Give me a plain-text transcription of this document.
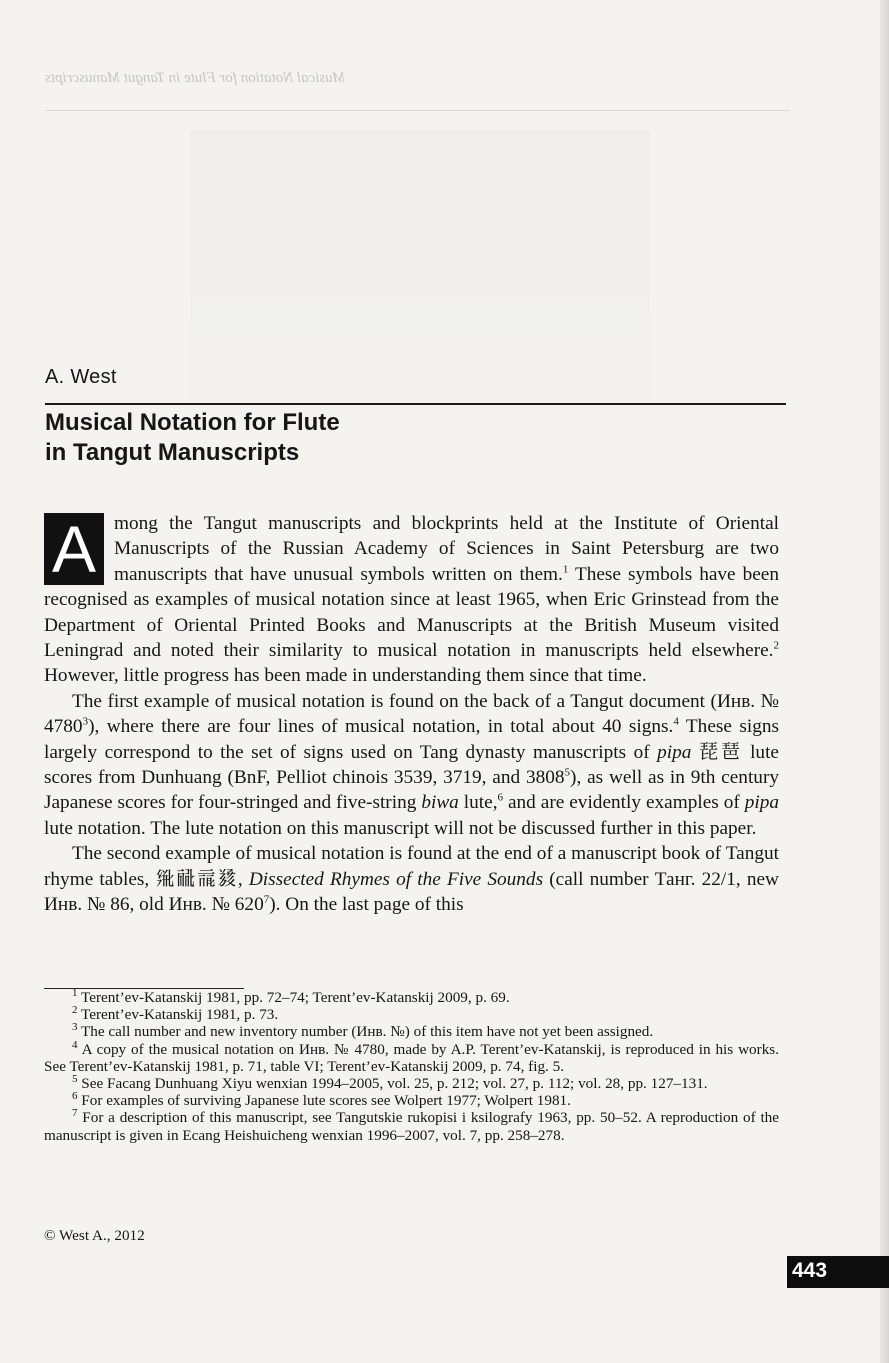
Musical Notation for Flute in Tangut Manuscripts
A. West
Musical Notation for Flute
in Tangut Manuscripts

A mong the Tangut manuscripts and blockprints held at the Institute of Oriental Manuscripts of the Russian Academy of Sciences in Saint Petersburg are two manuscripts that have unusual symbols written on them.$^1$ These symbols have been recognised as examples of musical notation since at least 1965, when Eric Grinstead from the Department of Oriental Printed Books and Manuscripts at the British Museum visited Leningrad and noted their similarity to musical notation in manuscripts held elsewhere.$^2$ However, little progress has been made in understanding them since that time.

The first example of musical notation is found on the back of a Tangut document (Инв. № 4780$^3$), where there are four lines of musical notation, in total about 40 signs.$^4$ These signs largely correspond to the set of signs used on Tang dynasty manuscripts of pipa 琵琶 lute scores from Dunhuang (BnF, Pelliot chinois 3539, 3719, and 3808$^5$), as well as in 9th century Japanese scores for four-stringed and five-string biwa lute,$^6$ and are evidently examples of pipa lute notation. The lute notation on this manuscript will not be discussed further in this paper.

The second example of musical notation is found at the end of a manuscript book of Tangut rhyme tables, 𗊴𗟻𗄈𗯿, Dissected Rhymes of the Five Sounds (call number Танг. 22/1, new Инв. № 86, old Инв. № $620^7$). On the last page of this

$^1$ Terent’ev-Katanskij 1981, pp. 72–74; Terent’ev-Katanskij 2009, p. 69.

$^2$ Terent’ev-Katanskij 1981, p. 73.

$^3$ The call number and new inventory number (Инв. №) of this item have not yet been assigned.

$^4$ A copy of the musical notation on Инв. № 4780, made by A.P. Terent’ev-Katanskij, is reproduced in his works. See Terent’ev-Katanskij 1981, p. 71, table VI; Terent’ev-Katanskij 2009, p. 74, fig. 5.

$^5$ See Facang Dunhuang Xiyu wenxian 1994–2005, vol. 25, p. 212; vol. 27, p. 112; vol. 28, pp. 127–131.

$^6$ For examples of surviving Japanese lute scores see Wolpert 1977; Wolpert 1981.

$^7$ For a description of this manuscript, see Tangutskie rukopisi i ksilografy 1963, pp. 50–52. A reproduction of the manuscript is given in Ecang Heishuicheng wenxian 1996–2007, vol. 7, pp. 258–278.

© West A., 2012
443
